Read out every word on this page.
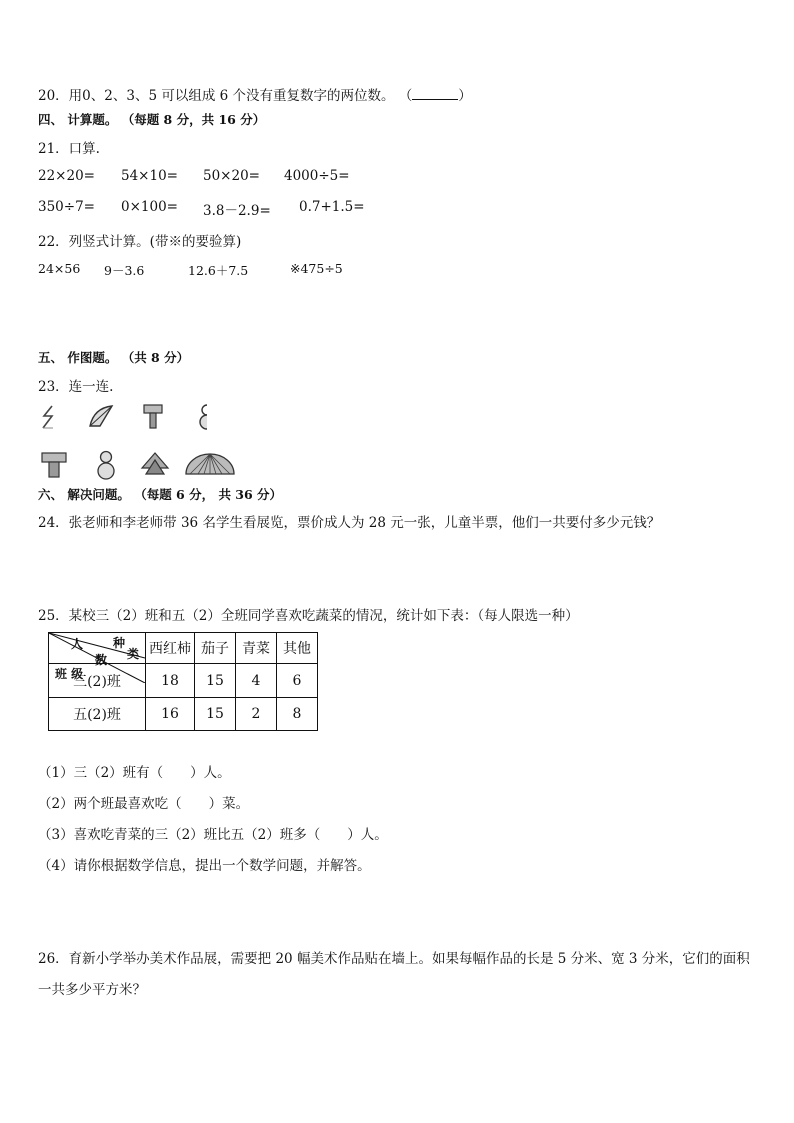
20．用0、2、3、5 可以组成 6 个没有重复数字的两位数。 （	）
四、 计算题。 （每题 8 分，共 16 分）
21．口算.
22×20= 54×10= 50×20= 4000÷5=
350÷7= 0×100= 3.8－2.9= 0.7+1.5=
22．列竖式计算。(带※的要验算)
24×56 9－3.6	12.6＋7.5	※475÷5
五、 作图题。 （共 8 分）
23．连一连.
六、 解决问题。 （每题 6 分， 共 36 分）
24．张老师和李老师带 36 名学生看展览，票价成人为 28 元一张，儿童半票，他们一共要付多少元钱？
25．某校三（2）班和五（2）全班同学喜欢吃蔬菜的情况，统计如下表：（每人限选一种）
人 种
类
数
班 级	西红柿	茄子	青菜	其他
三(2)班	18	15	4	6
五(2)班	16	15	2	8
（1）三（2）班有（　　）人。
（2）两个班最喜欢吃（　　）菜。
（3）喜欢吃青菜的三（2）班比五（2）班多（　　）人。
（4）请你根据数学信息，提出一个数学问题，并解答。
26．育新小学举办美术作品展，需要把 20 幅美术作品贴在墙上。如果每幅作品的长是 5 分米、宽 3 分米，它们的面积
一共多少平方米？
